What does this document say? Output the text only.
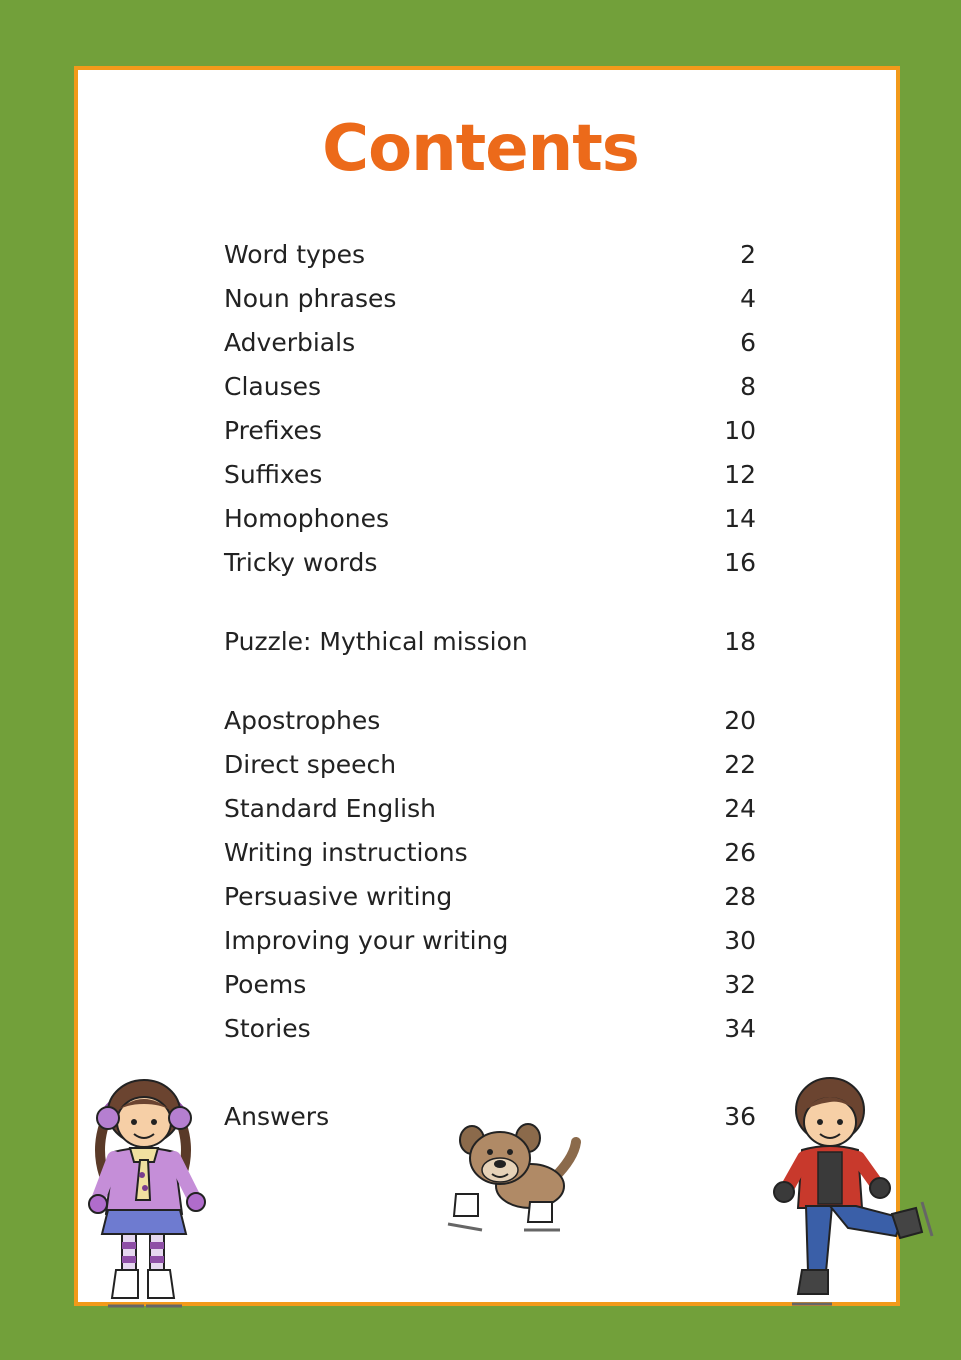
Contents
Word types	2
Noun phrases	4
Adverbials	6
Clauses	8
Prefixes	10
Suffixes	12
Homophones	14
Tricky words	16
Puzzle: Mythical mission	18
Apostrophes	20
Direct speech	22
Standard English	24
Writing instructions	26
Persuasive writing	28
Improving your writing	30
Poems	32
Stories	34
Answers	36
